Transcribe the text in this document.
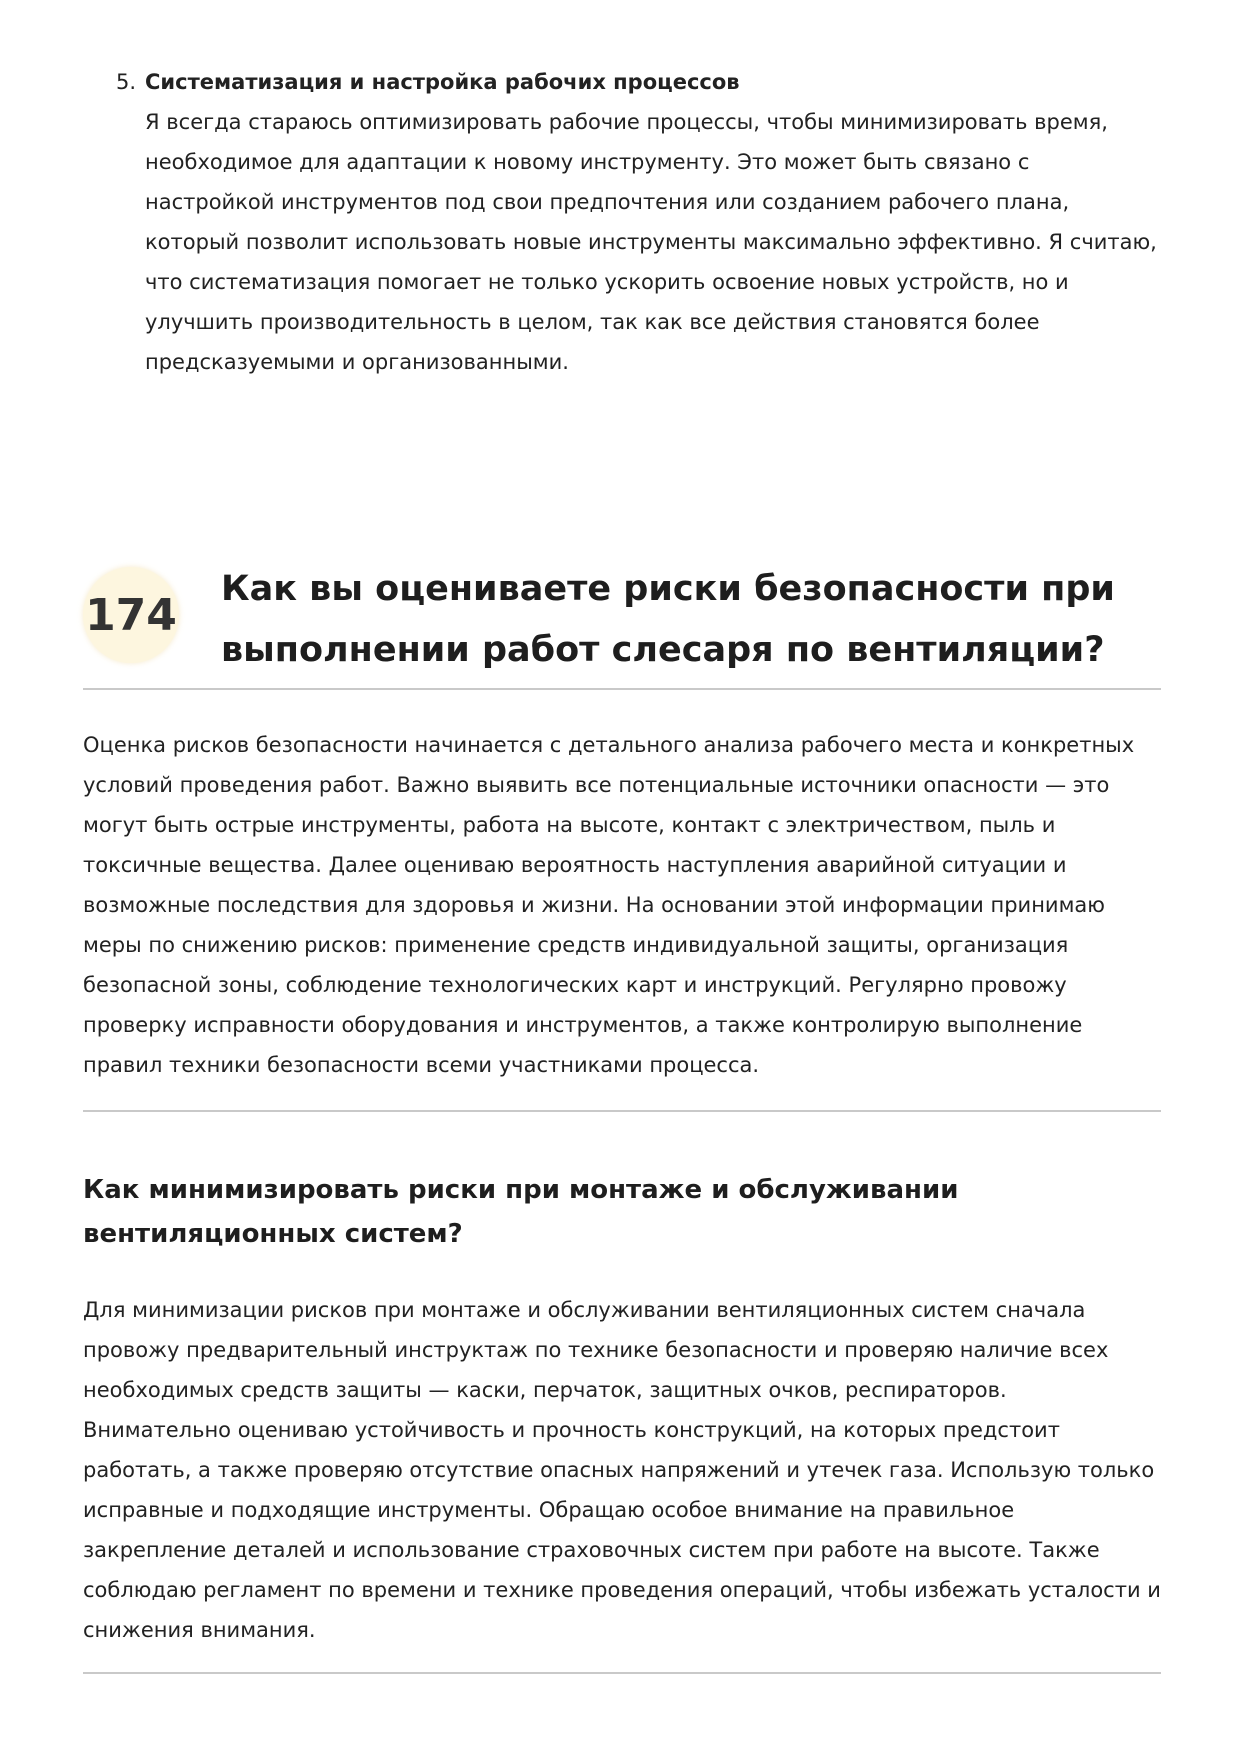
5. Систематизация и настройка рабочих процессов

Я всегда стараюсь оптимизировать рабочие процессы, чтобы минимизировать время, необходимое для адаптации к новому инструменту. Это может быть связано с настройкой инструментов под свои предпочтения или созданием рабочего плана, который позволит использовать новые инструменты максимально эффективно. Я считаю, что систематизация помогает не только ускорить освоение новых устройств, но и улучшить производительность в целом, так как все действия становятся более предсказуемыми и организованными.

174
Как вы оцениваете риски безопасности при выполнении работ слесаря по вентиляции?

Оценка рисков безопасности начинается с детального анализа рабочего места и конкретных условий проведения работ. Важно выявить все потенциальные источники опасности — это могут быть острые инструменты, работа на высоте, контакт с электричеством, пыль и токсичные вещества. Далее оцениваю вероятность наступления аварийной ситуации и возможные последствия для здоровья и жизни. На основании этой информации принимаю меры по снижению рисков: применение средств индивидуальной защиты, организация безопасной зоны, соблюдение технологических карт и инструкций. Регулярно провожу проверку исправности оборудования и инструментов, а также контролирую выполнение правил техники безопасности всеми участниками процесса.

Как минимизировать риски при монтаже и обслуживании вентиляционных систем?

Для минимизации рисков при монтаже и обслуживании вентиляционных систем сначала провожу предварительный инструктаж по технике безопасности и проверяю наличие всех необходимых средств защиты — каски, перчаток, защитных очков, респираторов. Внимательно оцениваю устойчивость и прочность конструкций, на которых предстоит работать, а также проверяю отсутствие опасных напряжений и утечек газа. Использую только исправные и подходящие инструменты. Обращаю особое внимание на правильное закрепление деталей и использование страховочных систем при работе на высоте. Также соблюдаю регламент по времени и технике проведения операций, чтобы избежать усталости и снижения внимания.
